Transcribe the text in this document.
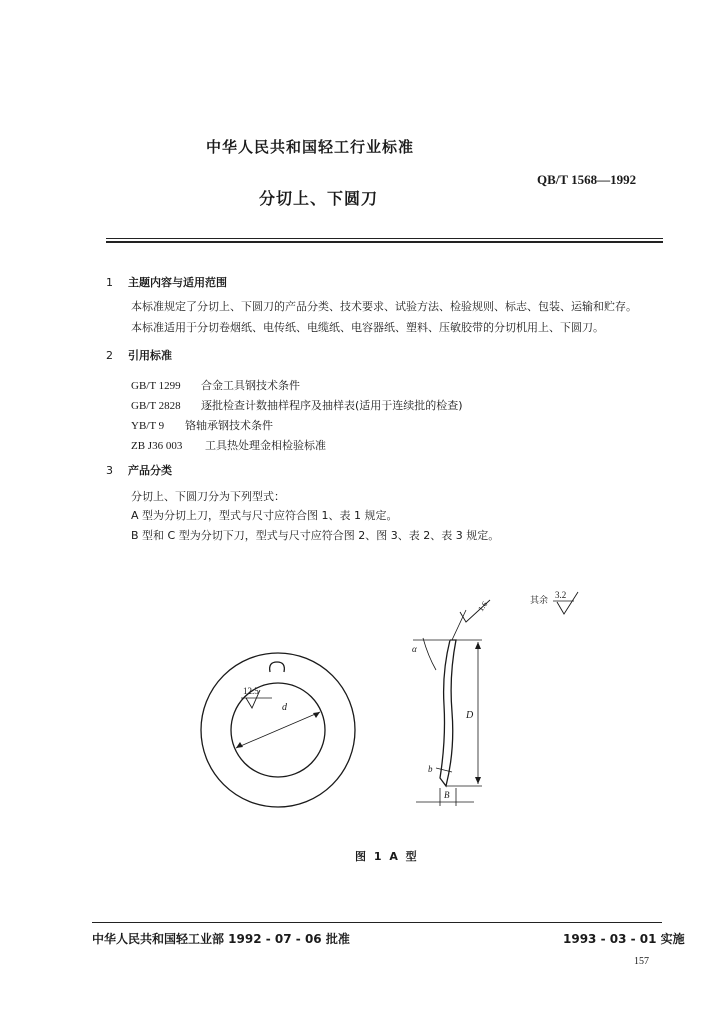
中华人民共和国轻工行业标准
QB/T 1568—1992
分切上、下圆刀
1 主题内容与适用范围
本标准规定了分切上、下圆刀的产品分类、技术要求、试验方法、检验规则、标志、包装、运输和贮存。
本标准适用于分切卷烟纸、电传纸、电缆纸、电容器纸、塑料、压敏胶带的分切机用上、下圆刀。
2 引用标准
GB/T 1299 合金工具钢技术条件
GB/T 2828 逐批检查计数抽样程序及抽样表(适用于连续批的检查)
YB/T 9 铬轴承钢技术条件
ZB J36 003 工具热处理金相检验标准
3 产品分类
分切上、下圆刀分为下列型式：
A 型为分切上刀，型式与尺寸应符合图 1、表 1 规定。
B 型和 C 型为分切下刀，型式与尺寸应符合图 2、图 3、表 2、表 3 规定。
12.5
d
D
B
b
α
1.6	其余 3.2
图 1 A 型
中华人民共和国轻工业部 1992 - 07 - 06 批准	1993 - 03 - 01 实施
157
